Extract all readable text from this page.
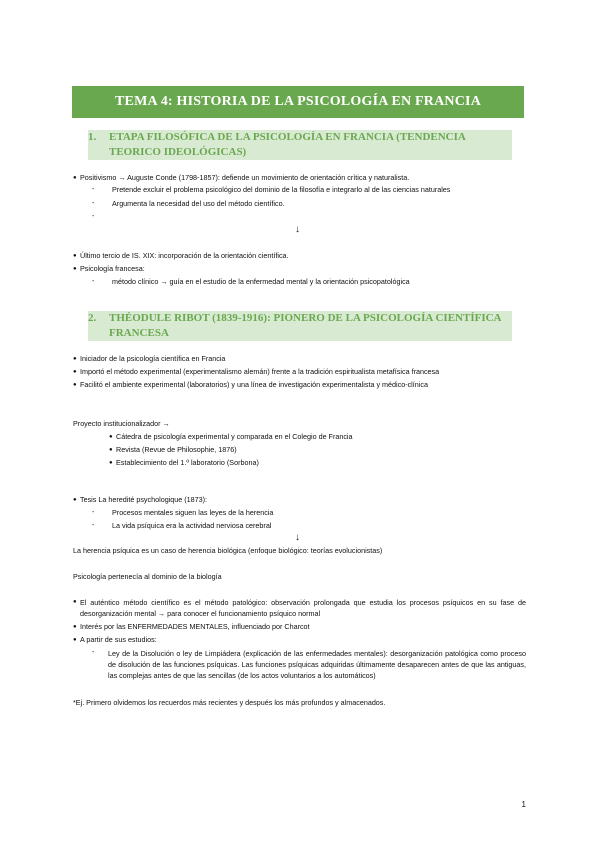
TEMA 4: HISTORIA DE LA PSICOLOGÍA EN FRANCIA
1.	ETAPA FILOSÓFICA DE LA PSICOLOGÍA EN FRANCIA (TENDENCIA TEORICO IDEOLÓGICAS)
● Positivismo → Auguste Conde (1798-1857): defiende un movimiento de orientación crítica y naturalista.
- Pretende excluir el problema psicológico del dominio de la filosofía e integrarlo al de las ciencias naturales
- Argumenta la necesidad del uso del método científico.
-
↓
● Último tercio de IS. XIX: incorporación de la orientación científica.
● Psicología francesa:
- método clínico → guía en el estudio de la enfermedad mental y la orientación psicopatológica
2.	THÉODULE RIBOT (1839-1916): PIONERO DE LA PSICOLOGÍA CIENTÍFICA FRANCESA
● Iniciador de la psicología científica en Francia
● Importó el método experimental (experimentalismo alemán) frente a la tradición espiritualista metafísica francesa
● Facilitó el ambiente experimental (laboratorios) y una línea de investigación experimentalista y médico-clínica
Proyecto institucionalizador →
● Cátedra de psicología experimental y comparada en el Colegio de Francia
● Revista (Revue de Philosophie, 1876)
● Establecimiento del 1.º laboratorio (Sorbona)
● Tesis La heredité psychologique (1873):
- Procesos mentales siguen las leyes de la herencia
- La vida psíquica era la actividad nerviosa cerebral
↓
La herencia psíquica es un caso de herencia biológica (enfoque biológico: teorías evolucionistas)
Psicología pertenecía al dominio de la biología
● El auténtico método científico es el método patológico: observación prolongada que estudia los procesos psíquicos en su fase de desorganización mental → para conocer el funcionamiento psíquico normal
● Interés por las ENFERMEDADES MENTALES, influenciado por Charcot
● A partir de sus estudios:
- Ley de la Disolución o ley de Limpiádera (explicación de las enfermedades mentales): desorganización patológica como proceso de disolución de las funciones psíquicas. Las funciones psíquicas adquiridas últimamente desaparecen antes de que las antiguas, las complejas antes de que las sencillas (de los actos voluntarios a los automáticos)
*Ej. Primero olvidemos los recuerdos más recientes y después los más profundos y almacenados.
1
